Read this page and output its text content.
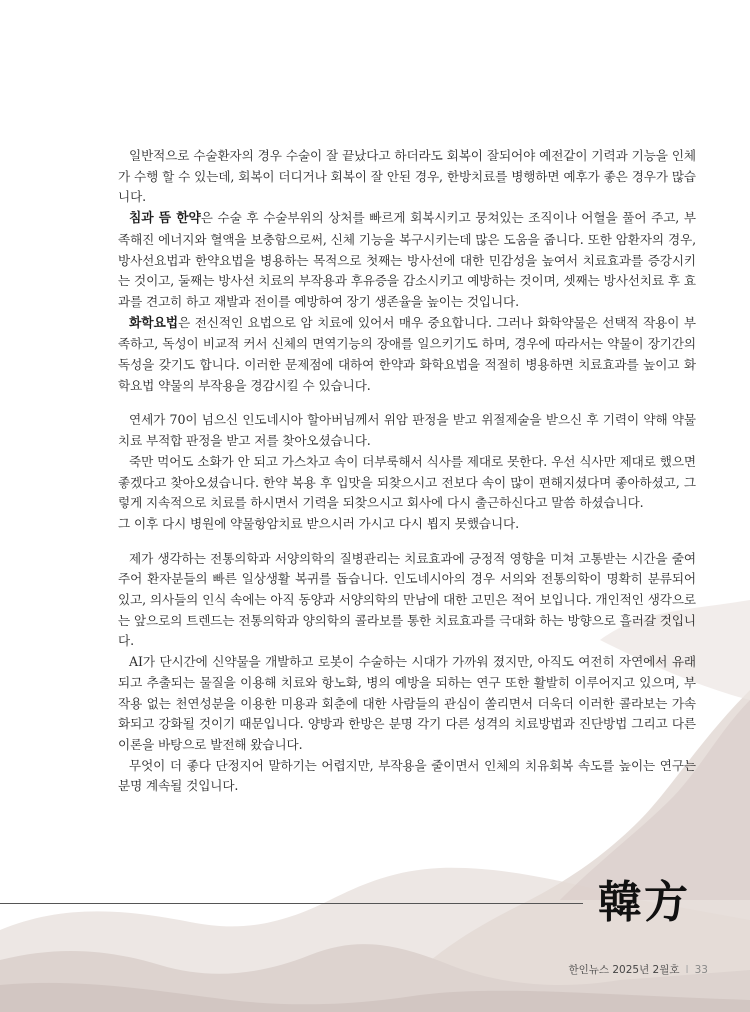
일반적으로 수술환자의 경우 수술이 잘 끝났다고 하더라도 회복이 잘되어야 예전같이 기력과 기능을 인체가 수행 할 수 있는데, 회복이 더디거나 회복이 잘 안된 경우, 한방치료를 병행하면 예후가 좋은 경우가 많습니다.

침과 뜸 한약은 수술 후 수술부위의 상처를 빠르게 회복시키고 뭉쳐있는 조직이나 어혈을 풀어 주고, 부족해진 에너지와 혈액을 보충함으로써, 신체 기능을 복구시키는데 많은 도움을 줍니다. 또한 암환자의 경우, 방사선요법과 한약요법을 병용하는 목적으로 첫째는 방사선에 대한 민감성을 높여서 치료효과를 증강시키는 것이고, 둘째는 방사선 치료의 부작용과 후유증을 감소시키고 예방하는 것이며, 셋째는 방사선치료 후 효과를 견고히 하고 재발과 전이를 예방하여 장기 생존율을 높이는 것입니다.

화학요법은 전신적인 요법으로 암 치료에 있어서 매우 중요합니다. 그러나 화학약물은 선택적 작용이 부족하고, 독성이 비교적 커서 신체의 면역기능의 장애를 일으키기도 하며, 경우에 따라서는 약물이 장기간의 독성을 갖기도 합니다. 이러한 문제점에 대하여 한약과 화학요법을 적절히 병용하면 치료효과를 높이고 화학요법 약물의 부작용을 경감시킬 수 있습니다.

연세가 70이 넘으신 인도네시아 할아버님께서 위암 판정을 받고 위절제술을 받으신 후 기력이 약해 약물치료 부적합 판정을 받고 저를 찾아오셨습니다.

죽만 먹어도 소화가 안 되고 가스차고 속이 더부룩해서 식사를 제대로 못한다. 우선 식사만 제대로 했으면 좋겠다고 찾아오셨습니다. 한약 복용 후 입맛을 되찾으시고 전보다 속이 많이 편해지셨다며 좋아하셨고, 그렇게 지속적으로 치료를 하시면서 기력을 되찾으시고 회사에 다시 출근하신다고 말씀 하셨습니다.

그 이후 다시 병원에 약물항암치료 받으시러 가시고 다시 뵙지 못했습니다.

제가 생각하는 전통의학과 서양의학의 질병관리는 치료효과에 긍정적 영향을 미쳐 고통받는 시간을 줄여주어 환자분들의 빠른 일상생활 복귀를 돕습니다. 인도네시아의 경우 서의와 전통의학이 명확히 분류되어 있고, 의사들의 인식 속에는 아직 동양과 서양의학의 만남에 대한 고민은 적어 보입니다. 개인적인 생각으로는 앞으로의 트렌드는 전통의학과 양의학의 콜라보를 통한 치료효과를 극대화 하는 방향으로 흘러갈 것입니다.

AI가 단시간에 신약물을 개발하고 로봇이 수술하는 시대가 가까워 졌지만, 아직도 여전히 자연에서 유래되고 추출되는 물질을 이용해 치료와 항노화, 병의 예방을 되하는 연구 또한 활발히 이루어지고 있으며, 부작용 없는 천연성분을 이용한 미용과 회춘에 대한 사람들의 관심이 쏠리면서 더욱더 이러한 콜라보는 가속화되고 강화될 것이기 때문입니다. 양방과 한방은 분명 각기 다른 성격의 치료방법과 진단방법 그리고 다른 이론을 바탕으로 발전해 왔습니다.

무엇이 더 좋다 단정지어 말하기는 어렵지만, 부작용을 줄이면서 인체의 치유회복 속도를 높이는 연구는 분명 계속될 것입니다.

韓方
한인뉴스 2025년 2월호 I 33
